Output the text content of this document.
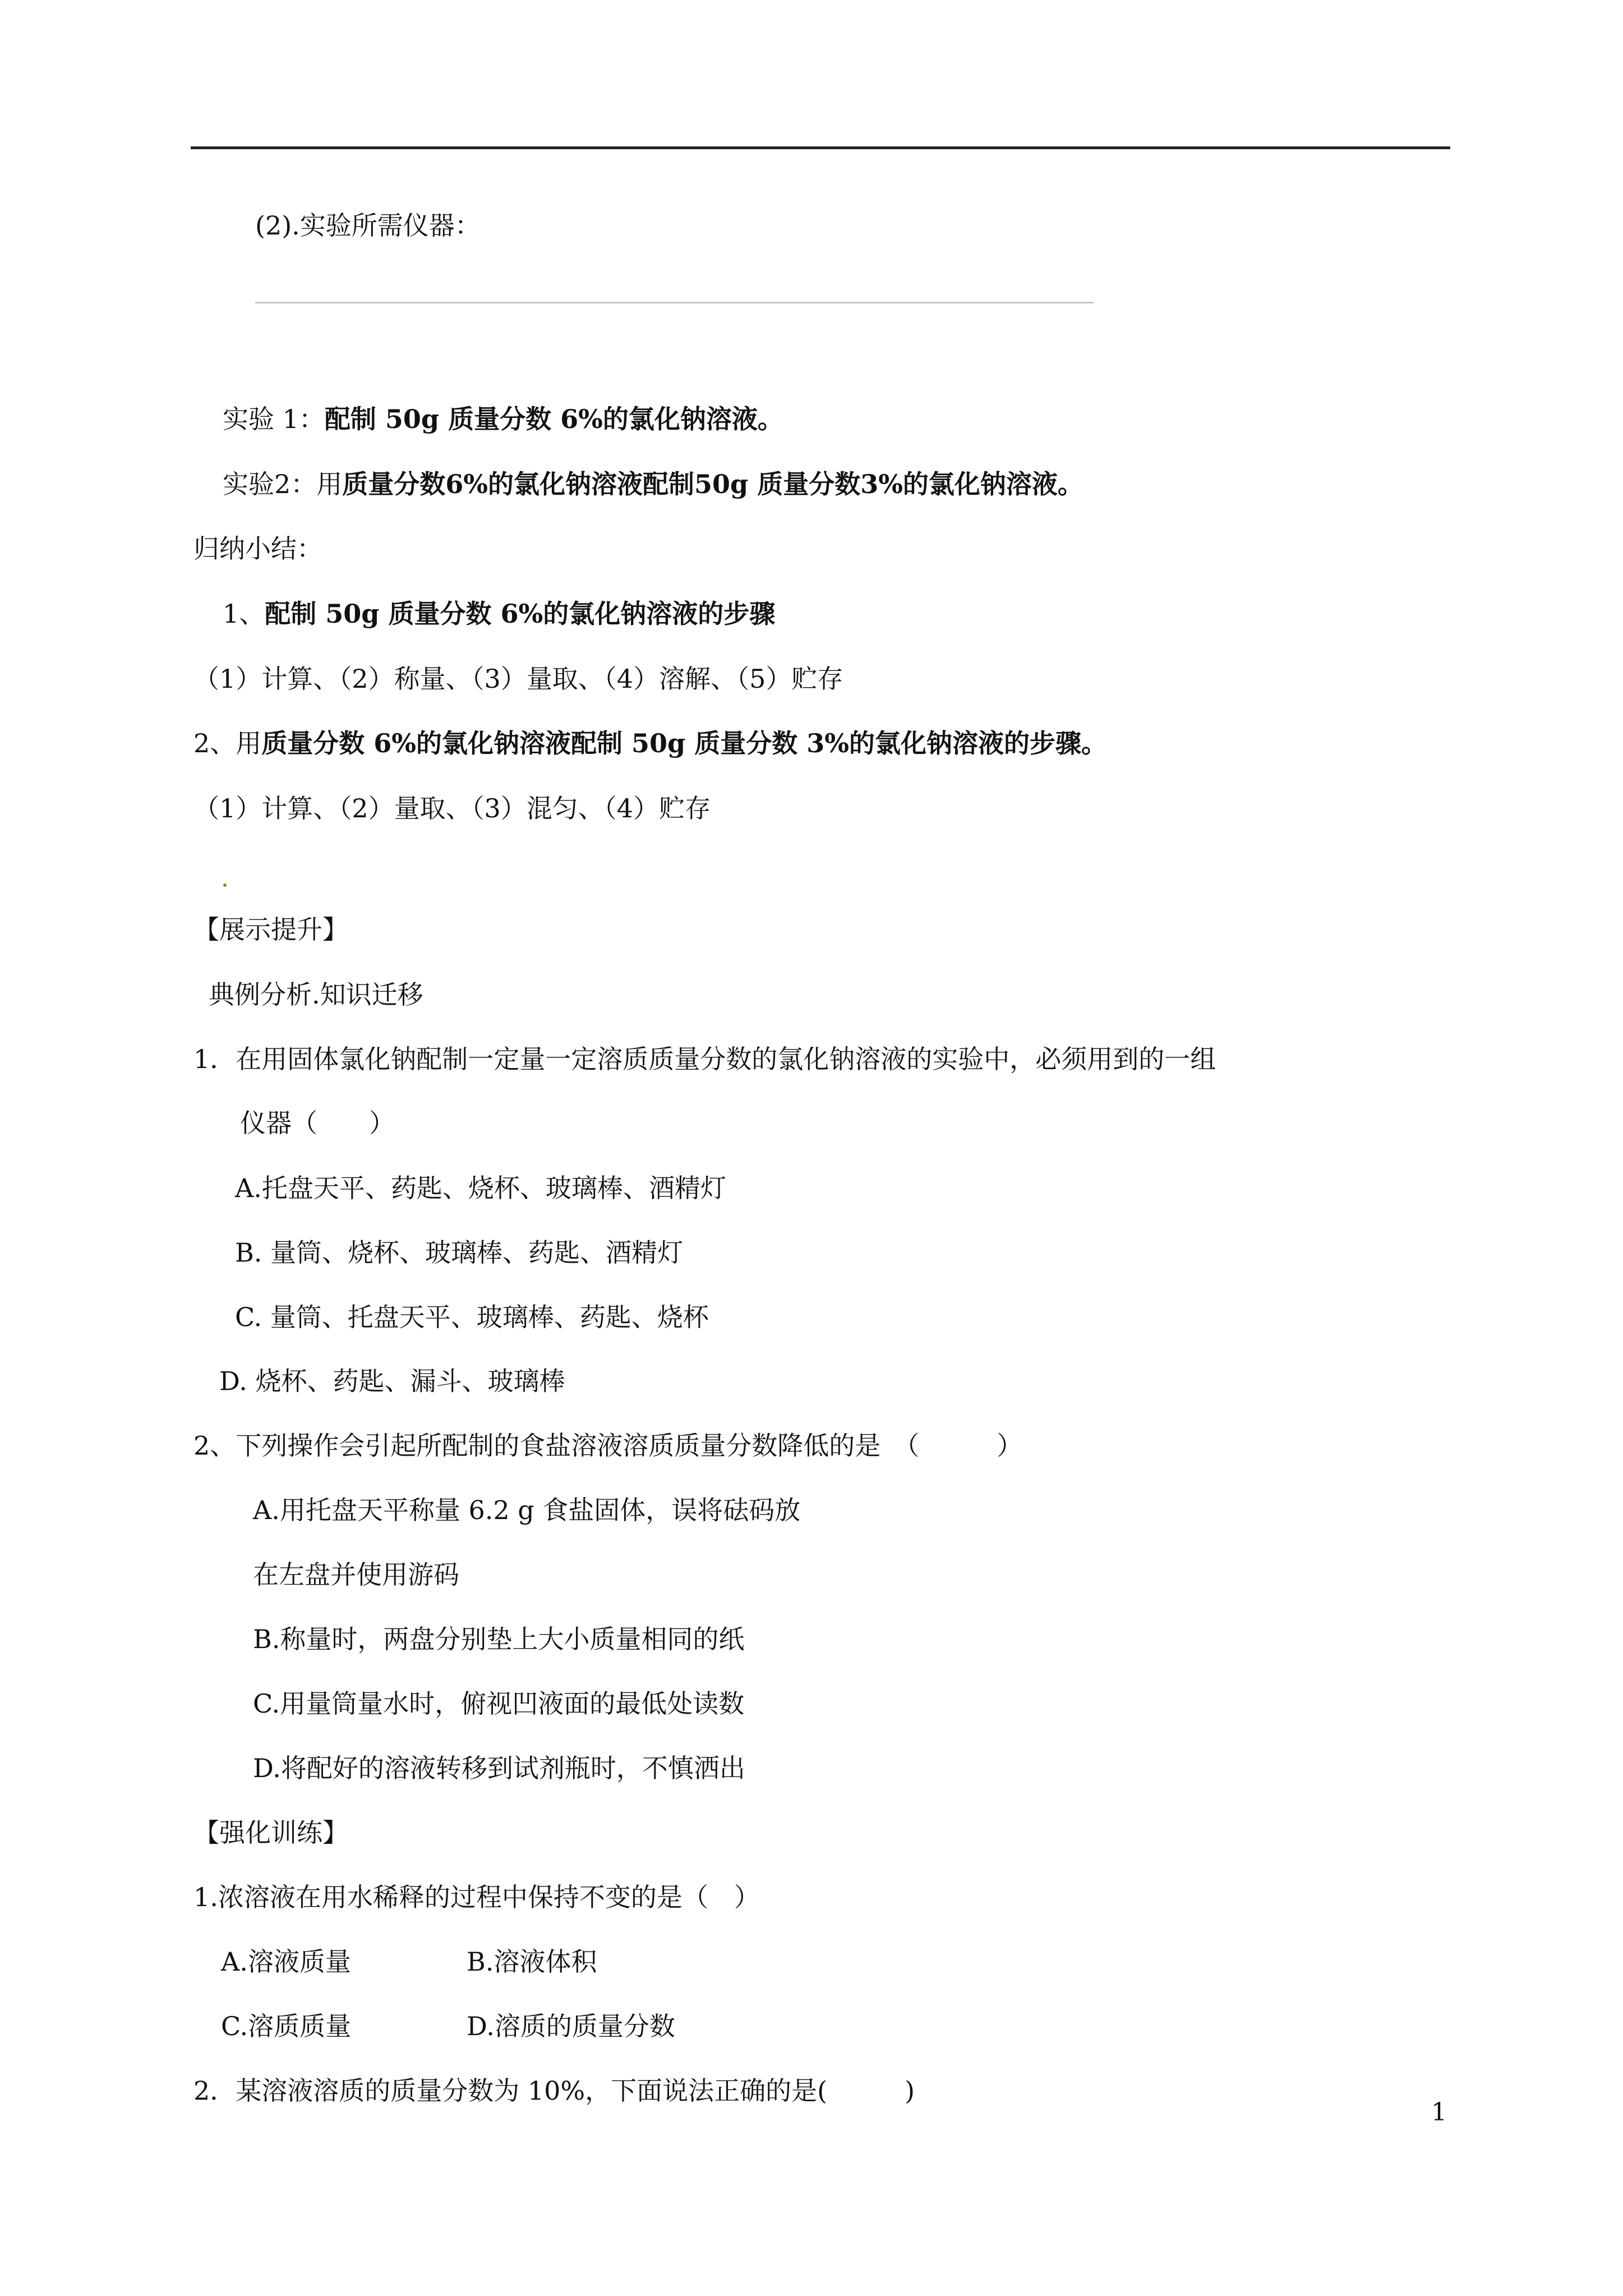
(2).实验所需仪器：
实验 1：配制 50g 质量分数 6%的氯化钠溶液。
实验2：用质量分数6%的氯化钠溶液配制50g 质量分数3%的氯化钠溶液。
归纳小结：
1、配制 50g 质量分数 6%的氯化钠溶液的步骤
（1）计算、（2）称量、（3）量取、（4）溶解、（5）贮存
2、用质量分数 6%的氯化钠溶液配制 50g 质量分数 3%的氯化钠溶液的步骤。
（1）计算、（2）量取、（3）混匀、（4）贮存
【展示提升】
典例分析.知识迁移
1．在用固体氯化钠配制一定量一定溶质质量分数的氯化钠溶液的实验中，必须用到的一组
仪器（　　）
A.托盘天平、药匙、烧杯、玻璃棒、酒精灯
B. 量筒、烧杯、玻璃棒、药匙、酒精灯
C. 量筒、托盘天平、玻璃棒、药匙、烧杯
D. 烧杯、药匙、漏斗、玻璃棒
2、下列操作会引起所配制的食盐溶液溶质质量分数降低的是　（　　　）
A.用托盘天平称量 6.2 g 食盐固体，误将砝码放
在左盘并使用游码
B.称量时，两盘分别垫上大小质量相同的纸
C.用量筒量水时，俯视凹液面的最低处读数
D.将配好的溶液转移到试剂瓶时，不慎洒出
【强化训练】
1.浓溶液在用水稀释的过程中保持不变的是（　）
A.溶液质量	B.溶液体积
C.溶质质量	D.溶质的质量分数
2．某溶液溶质的质量分数为 10%，下面说法正确的是(　　　)
1
